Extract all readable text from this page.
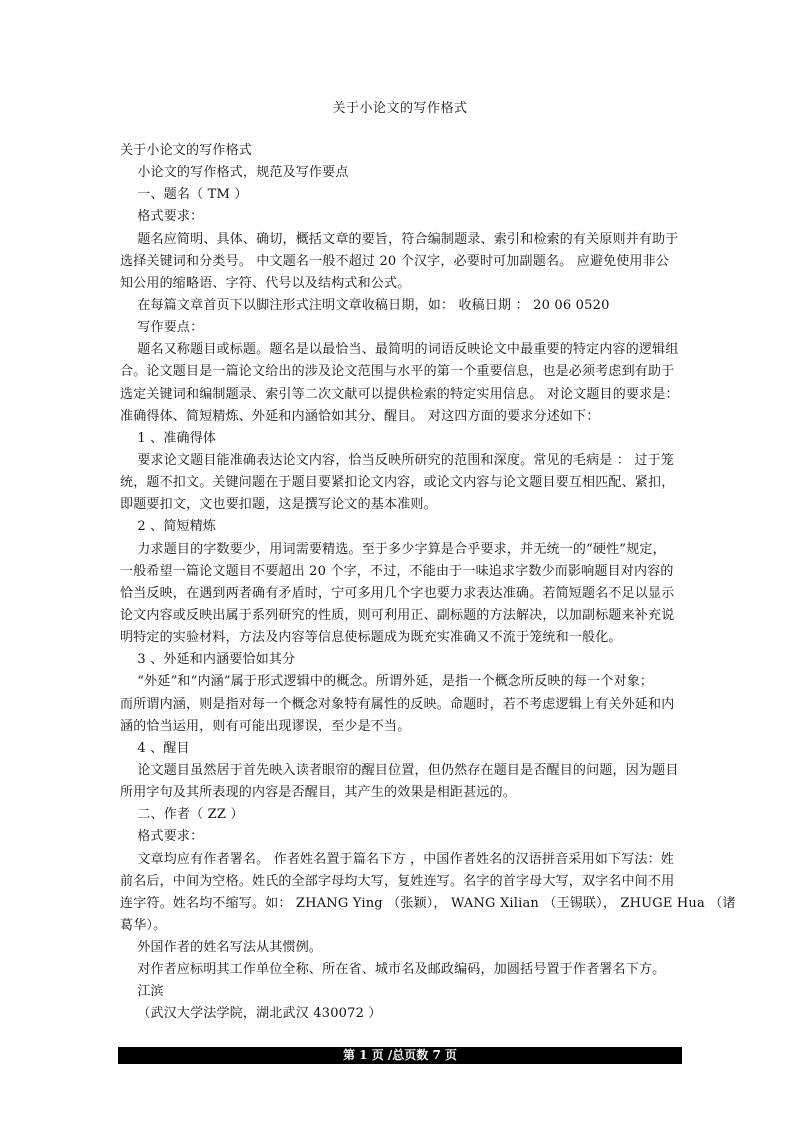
关于小论文的写作格式
关于小论文的写作格式
小论文的写作格式，规范及写作要点
一、题名（ TM ）
格式要求：
题名应简明、具体、确切，概括文章的要旨，符合编制题录、索引和检索的有关原则并有助于
选择关键词和分类号。 中文题名一般不超过 20 个汉字，必要时可加副题名。 应避免使用非公
知公用的缩略语、字符、代号以及结构式和公式。
在每篇文章首页下以脚注形式注明文章收稿日期，如： 收稿日期 ： 20 06 0520
写作要点：
题名又称题目或标题。题名是以最恰当、最简明的词语反映论文中最重要的特定内容的逻辑组
合。论文题目是一篇论文给出的涉及论文范围与水平的第一个重要信息，也是必须考虑到有助于
选定关键词和编制题录、索引等二次文献可以提供检索的特定实用信息。 对论文题目的要求是：
准确得体、简短精炼、外延和内涵恰如其分、醒目。 对这四方面的要求分述如下：
1 、准确得体
要求论文题目能准确表达论文内容，恰当反映所研究的范围和深度。常见的毛病是 ： 过于笼
统，题不扣文。关键问题在于题目要紧扣论文内容，或论文内容与论文题目要互相匹配、紧扣，
即题要扣文，文也要扣题，这是撰写论文的基本准则。
2 、简短精炼
力求题目的字数要少，用词需要精选。至于多少字算是合乎要求，并无统一的“硬性”规定，
一般希望一篇论文题目不要超出 20 个字，不过，不能由于一味追求字数少而影响题目对内容的
恰当反映，在遇到两者确有矛盾时，宁可多用几个字也要力求表达准确。若简短题名不足以显示
论文内容或反映出属于系列研究的性质，则可利用正、副标题的方法解决，以加副标题来补充说
明特定的实验材料，方法及内容等信息使标题成为既充实准确又不流于笼统和一般化。
3 、外延和内涵要恰如其分
“外延”和“内涵”属于形式逻辑中的概念。所谓外延，是指一个概念所反映的每一个对象；
而所谓内涵，则是指对每一个概念对象特有属性的反映。命题时，若不考虑逻辑上有关外延和内
涵的恰当运用，则有可能出现谬误，至少是不当。
4 、醒目
论文题目虽然居于首先映入读者眼帘的醒目位置，但仍然存在题目是否醒目的问题，因为题目
所用字句及其所表现的内容是否醒目，其产生的效果是相距甚远的。
二、作者（ ZZ ）
格式要求：
文章均应有作者署名。 作者姓名置于篇名下方 ，中国作者姓名的汉语拼音采用如下写法：姓
前名后，中间为空格。姓氏的全部字母均大写，复姓连写。名字的首字母大写，双字名中间不用
连字符。姓名均不缩写。如： ZHANG Ying （张颖）， WANG Xilian （王锡联）， ZHUGE Hua （诸
葛华）。
外国作者的姓名写法从其惯例。
对作者应标明其工作单位全称、所在省、城市名及邮政编码，加圆括号置于作者署名下方。
江滨
（武汉大学法学院，湖北武汉 430072 ）
第 1 页 /总页数 7 页
